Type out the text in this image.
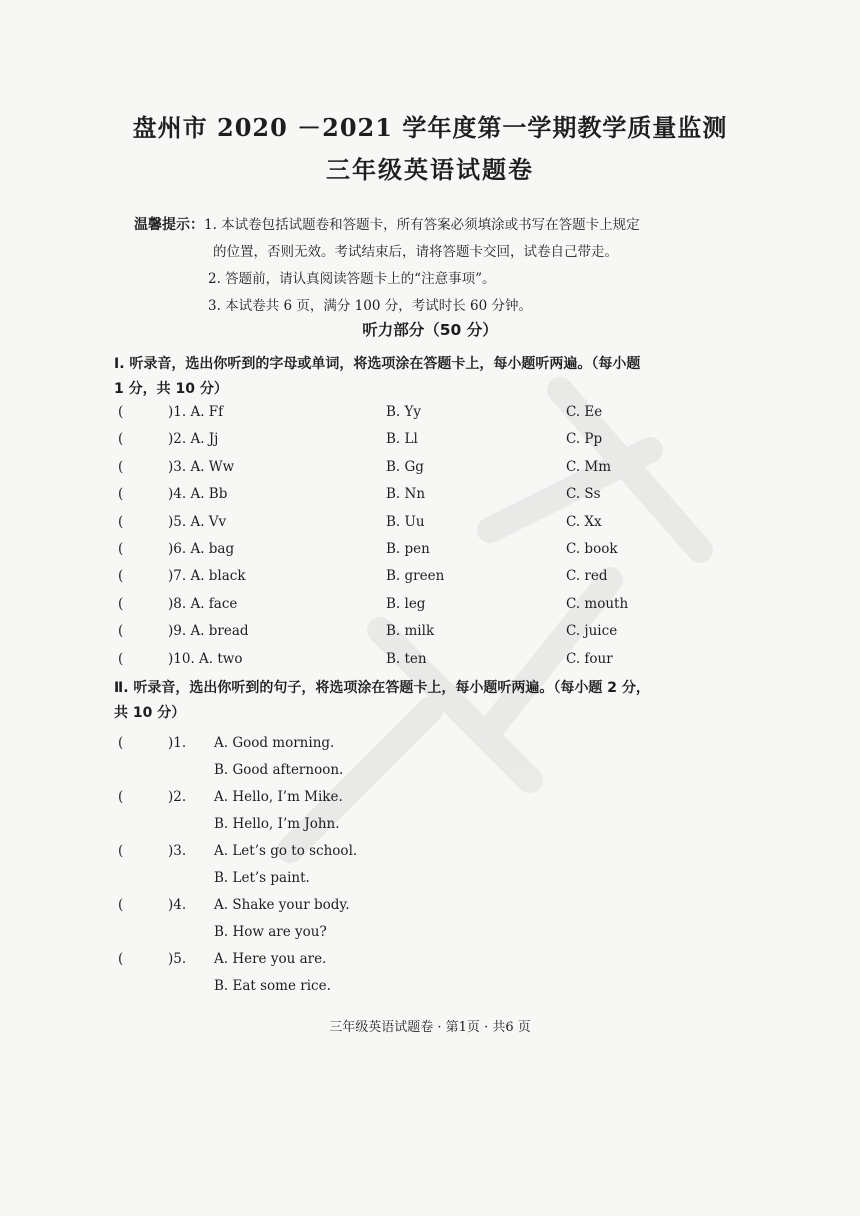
盘州市 2020 －2021 学年度第一学期教学质量监测
三年级英语试题卷
温馨提示：1. 本试卷包括试题卷和答题卡，所有答案必须填涂或书写在答题卡上规定
的位置，否则无效。考试结束后，请将答题卡交回，试卷自己带走。
2. 答题前，请认真阅读答题卡上的“注意事项”。
3. 本试卷共 6 页，满分 100 分，考试时长 60 分钟。
听力部分（50 分）
Ⅰ. 听录音，选出你听到的字母或单词，将选项涂在答题卡上，每小题听两遍。（每小题
1 分，共 10 分）
(	)1. A. Ff	B. Yy	C. Ee
(	)2. A. Jj	B. Ll	C. Pp
(	)3. A. Ww	B. Gg	C. Mm
(	)4. A. Bb	B. Nn	C. Ss
(	)5. A. Vv	B. Uu	C. Xx
(	)6. A. bag	B. pen	C. book
(	)7. A. black	B. green	C. red
(	)8. A. face	B. leg	C. mouth
(	)9. A. bread	B. milk	C. juice
(	)10. A. two	B. ten	C. four
Ⅱ. 听录音，选出你听到的句子，将选项涂在答题卡上，每小题听两遍。（每小题 2 分，
共 10 分）
(	)1. A. Good morning.
B. Good afternoon.
(	)2. A. Hello, I’m Mike.
B. Hello, I’m John.
(	)3. A. Let’s go to school.
B. Let’s paint.
(	)4. A. Shake your body.
B. How are you?
(	)5. A. Here you are.
B. Eat some rice.
三年级英语试题卷 · 第1页 · 共6 页
